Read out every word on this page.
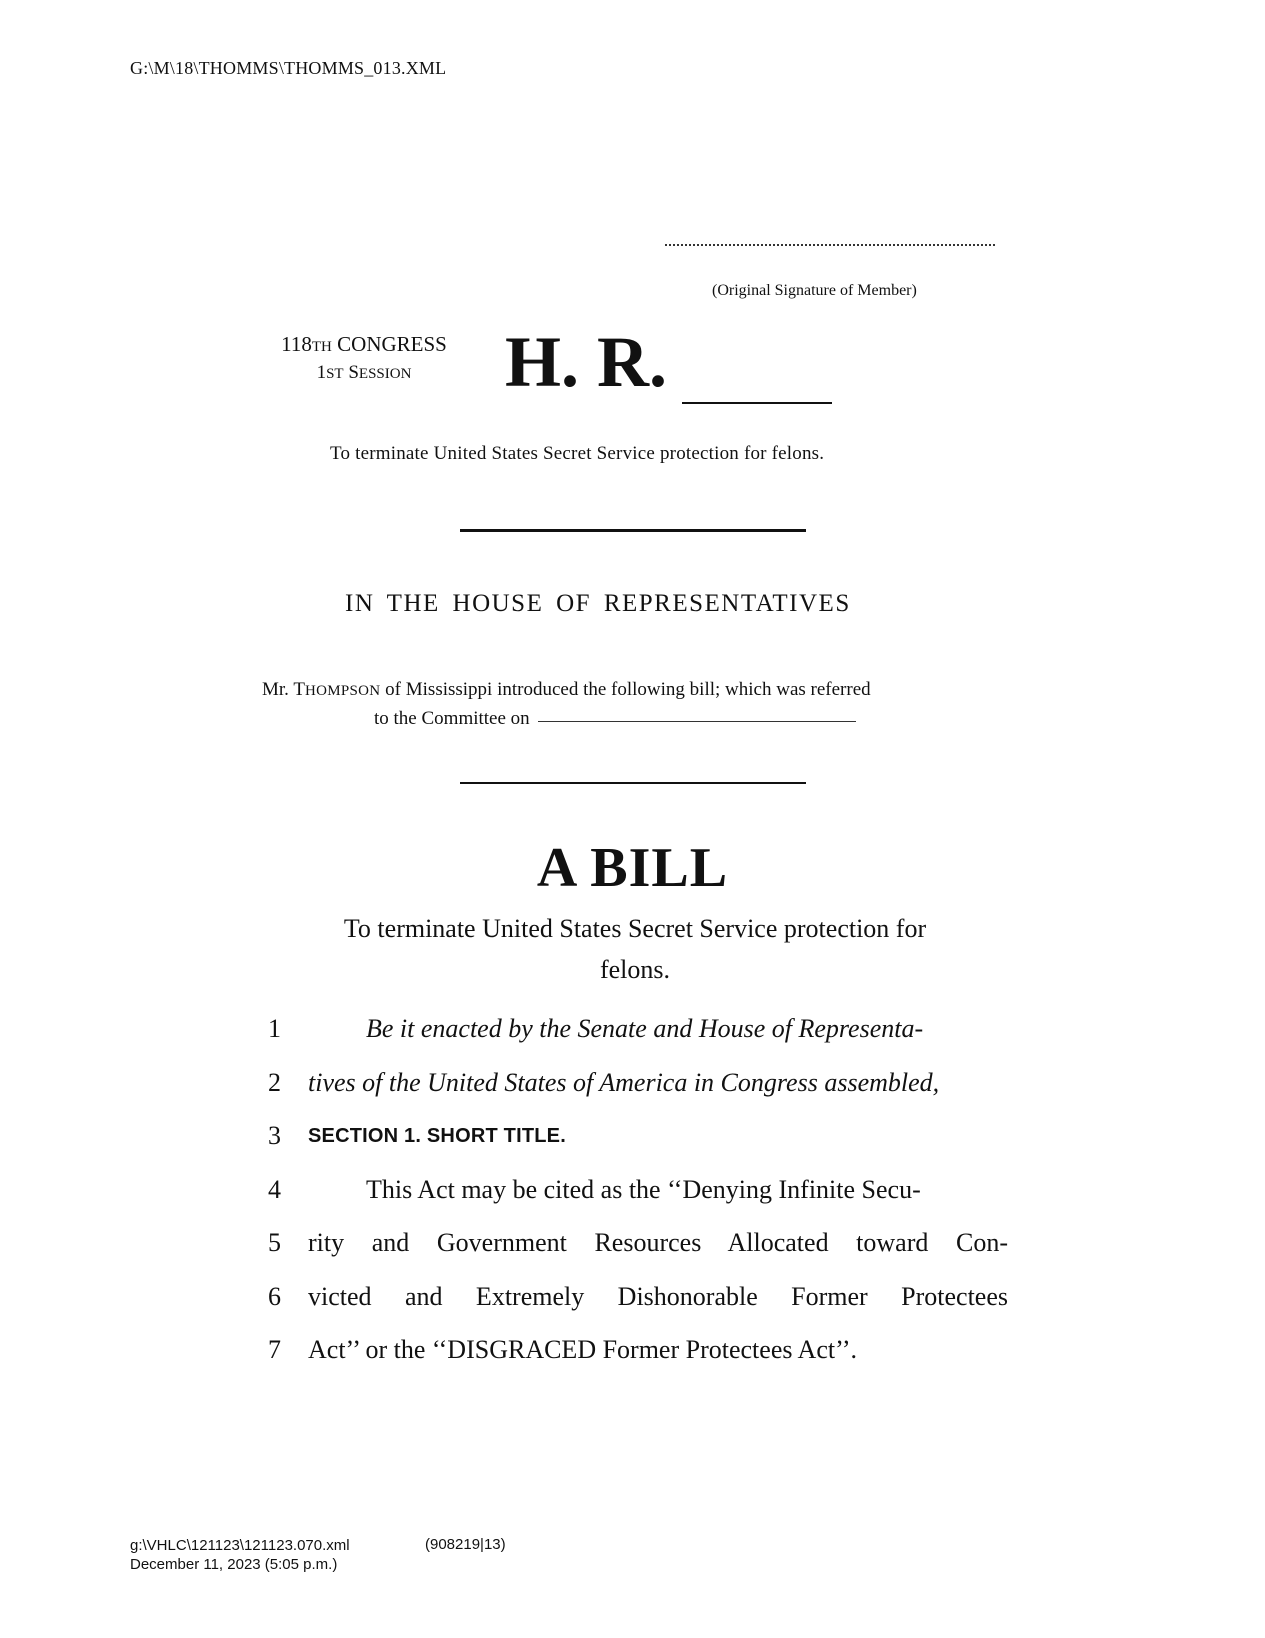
G:\M\18\THOMMS\THOMMS_013.XML
(Original Signature of Member)
118TH CONGRESS
1ST SESSION	H. R.
To terminate United States Secret Service protection for felons.
IN THE HOUSE OF REPRESENTATIVES
Mr. THOMPSON of Mississippi introduced the following bill; which was referred
to the Committee on
A BILL
To terminate United States Secret Service protection for
felons.
1	Be it enacted by the Senate and House of Representa-
2 tives of the United States of America in Congress assembled,
3	SECTION 1. SHORT TITLE.
4	This Act may be cited as the ‘‘Denying Infinite Secu-
5 rity and Government Resources Allocated toward Con-
6 victed and Extremely Dishonorable Former Protectees
7 Act’’ or the ‘‘DISGRACED Former Protectees Act’’.
g:\VHLC\121123\121123.070.xml
December 11, 2023 (5:05 p.m.)
(908219|13)
